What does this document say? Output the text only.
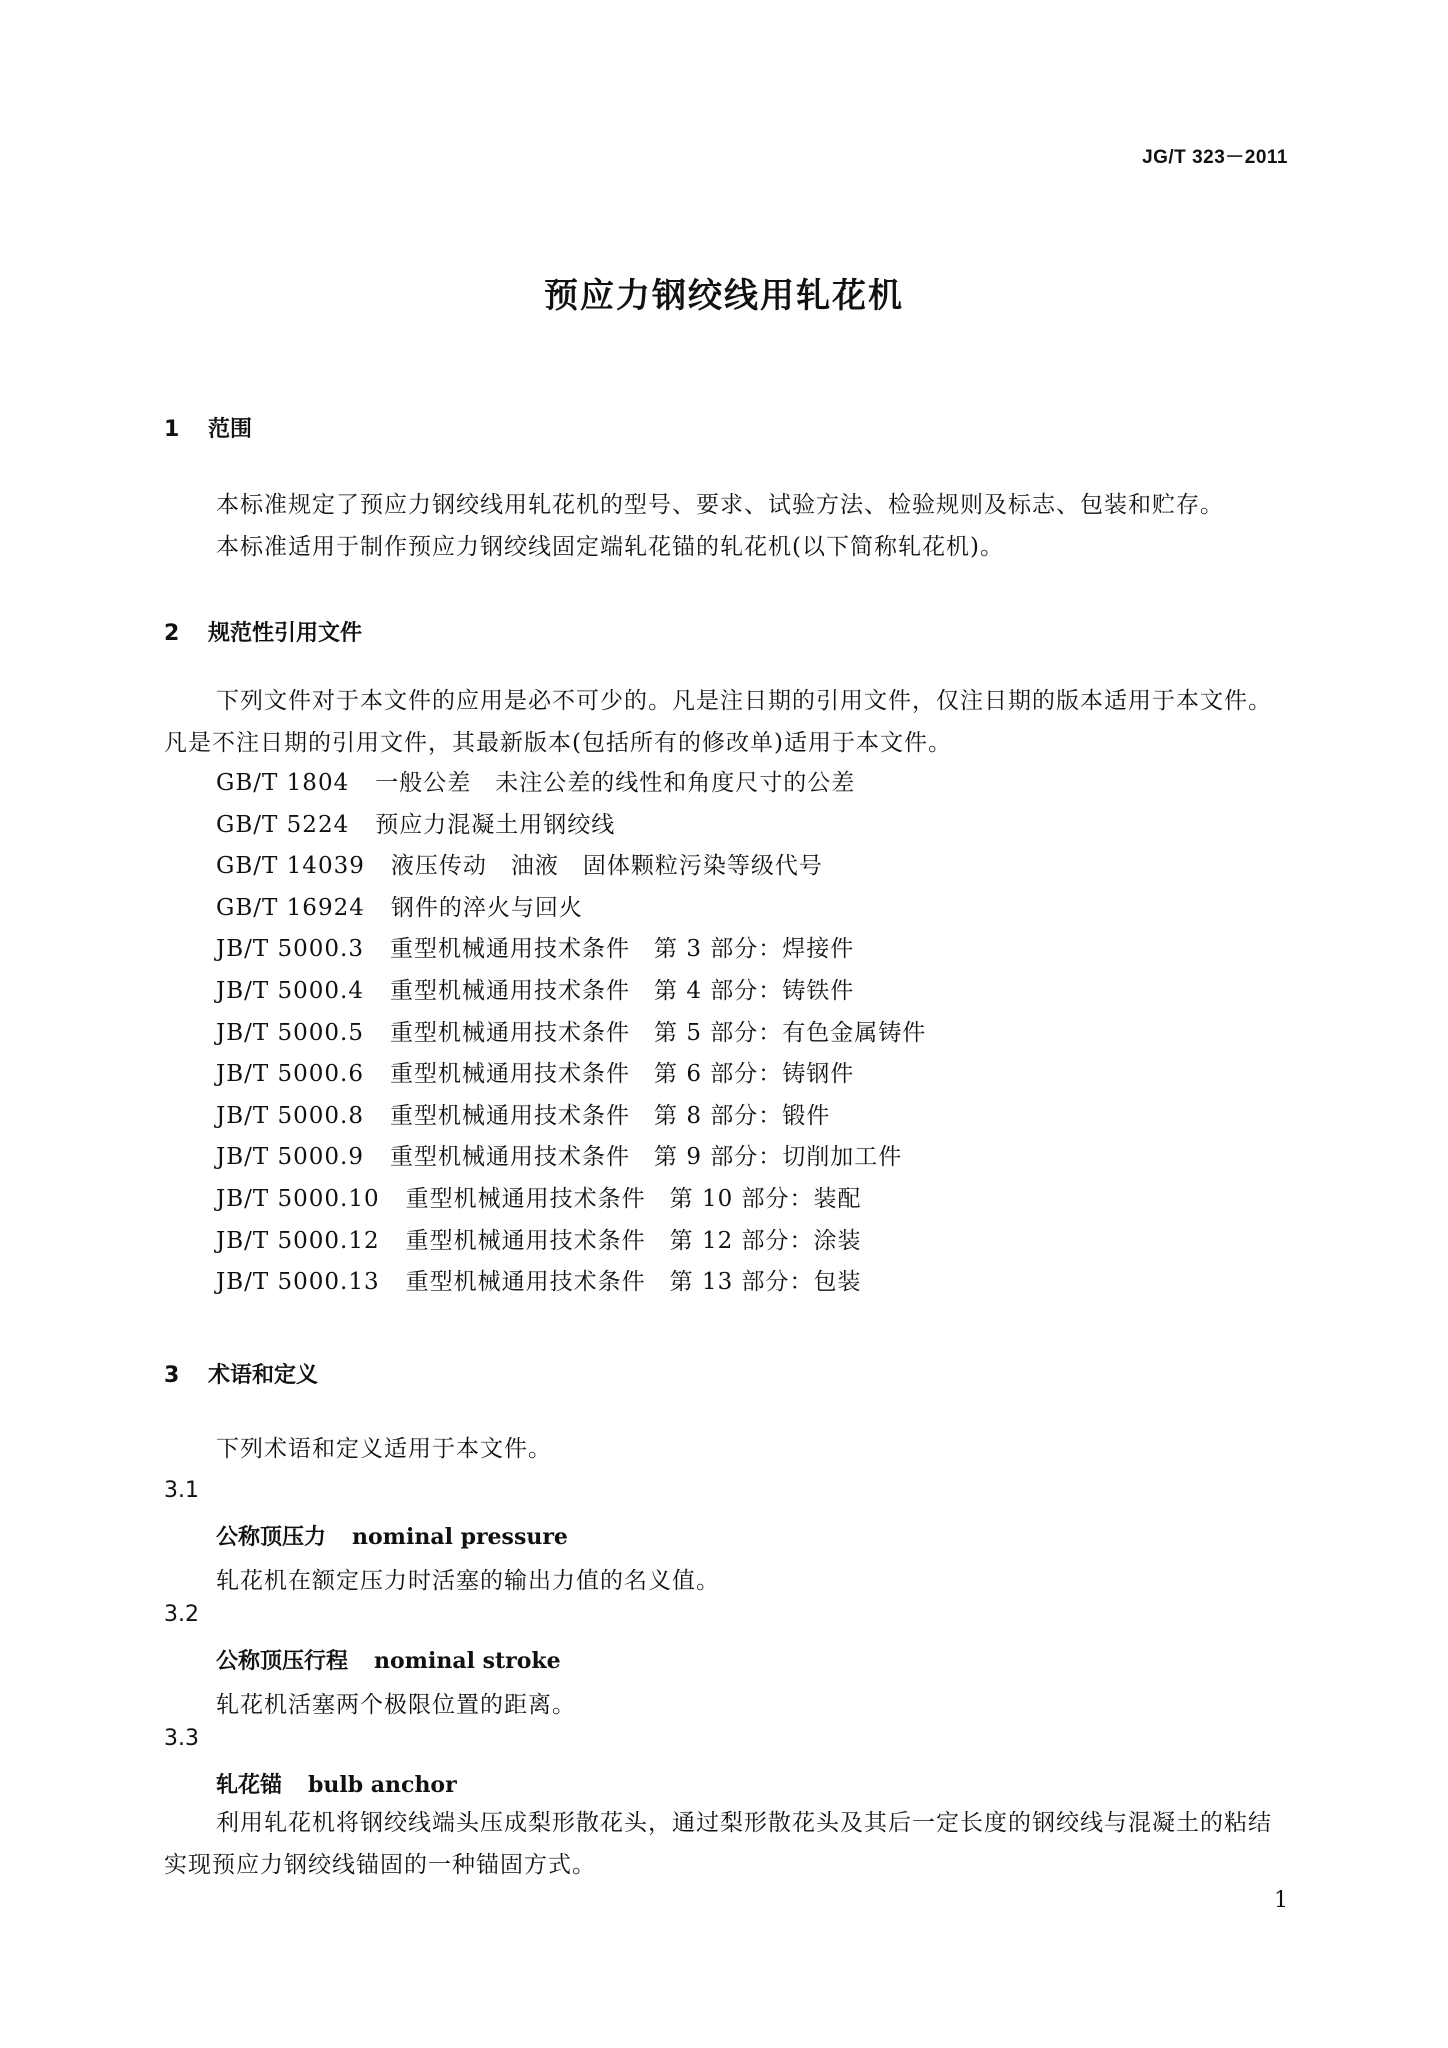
JG/T 323－2011
预应力钢绞线用轧花机
1 范围
本标准规定了预应力钢绞线用轧花机的型号、要求、试验方法、检验规则及标志、包装和贮存。
本标准适用于制作预应力钢绞线固定端轧花锚的轧花机(以下简称轧花机)。
2 规范性引用文件
下列文件对于本文件的应用是必不可少的。凡是注日期的引用文件，仅注日期的版本适用于本文件。凡是不注日期的引用文件，其最新版本(包括所有的修改单)适用于本文件。
GB/T 1804 一般公差　未注公差的线性和角度尺寸的公差
GB/T 5224 预应力混凝土用钢绞线
GB/T 14039 液压传动　油液　固体颗粒污染等级代号
GB/T 16924 钢件的淬火与回火
JB/T 5000.3 重型机械通用技术条件　第 3 部分：焊接件
JB/T 5000.4 重型机械通用技术条件　第 4 部分：铸铁件
JB/T 5000.5 重型机械通用技术条件　第 5 部分：有色金属铸件
JB/T 5000.6 重型机械通用技术条件　第 6 部分：铸钢件
JB/T 5000.8 重型机械通用技术条件　第 8 部分：锻件
JB/T 5000.9 重型机械通用技术条件　第 9 部分：切削加工件
JB/T 5000.10 重型机械通用技术条件　第 10 部分：装配
JB/T 5000.12 重型机械通用技术条件　第 12 部分：涂装
JB/T 5000.13 重型机械通用技术条件　第 13 部分：包装
3 术语和定义
下列术语和定义适用于本文件。
3.1
公称顶压力 nominal pressure
轧花机在额定压力时活塞的输出力值的名义值。
3.2
公称顶压行程 nominal stroke
轧花机活塞两个极限位置的距离。
3.3
轧花锚 bulb anchor
利用轧花机将钢绞线端头压成梨形散花头，通过梨形散花头及其后一定长度的钢绞线与混凝土的粘结实现预应力钢绞线锚固的一种锚固方式。
1
